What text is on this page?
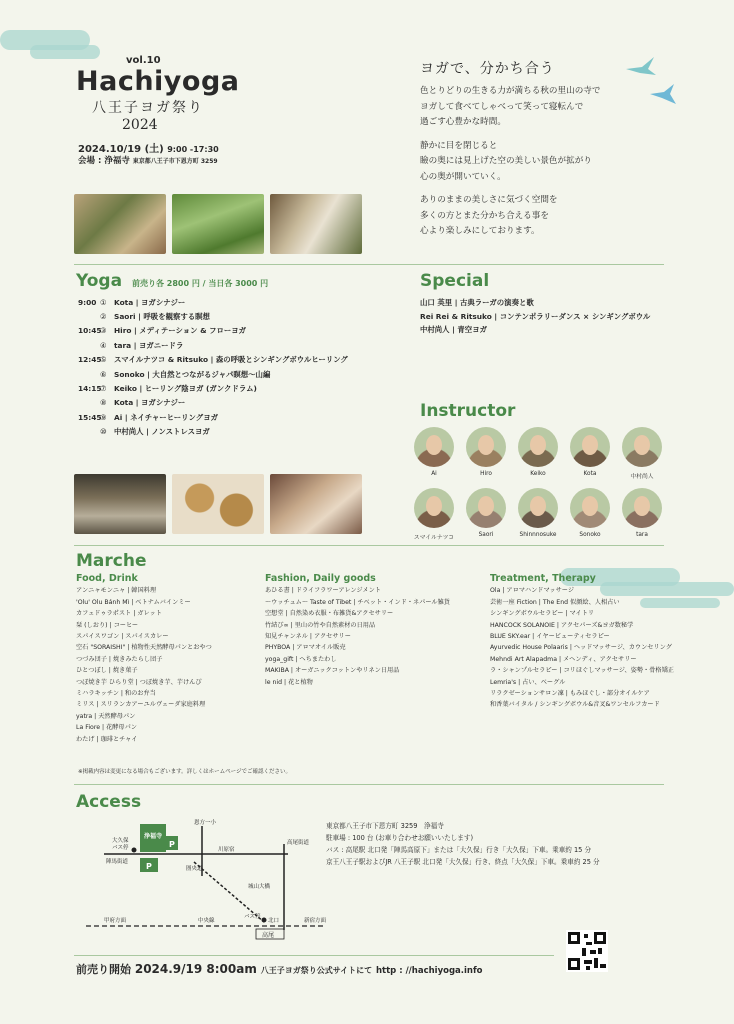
vol.10
Hachiyoga
八王子ヨガ祭り
2024
2024.10/19 (土) 9:00 -17:30
会場 : 浄福寺 東京都八王子市下恩方町 3259
ヨガで、分かち合う

色とりどりの生きる力が満ちる秋の里山の寺で
ヨガして食べてしゃべって笑って寝転んで
過ごす心豊かな時間。

静かに目を閉じると
瞼の奥には見上げた空の美しい景色が拡がり
心の奥が開いていく。

ありのままの美しさに気づく空間を
多くの方とまた分かち合える事を
心より楽しみにしております。

Yoga 前売り各 2800 円 / 当日各 3000 円
9:00 ① Kota | ヨガシナジー
② Saori | 呼吸を観察する瞑想
10:45
③ Hiro | メディテーション & フローヨガ
④ tara | ヨガニードラ
12:45
⑤ スマイルナツコ & Ritsuko | 森の呼吸とシンギングボウルヒーリング
⑥ Sonoko | 大自然とつながるジャパ瞑想〜山編
14:15
⑦ Keiko | ヒーリング陰ヨガ (ガンクドラム)
⑧ Kota | ヨガシナジー
15:45
⑨ Ai | ネイチャーヒーリングヨガ
⑩ 中村尚人 | ノンストレスヨガ
Special
山口 英里 | 古典ラーガの演奏と歌
Rei Rei & Ritsuko | コンテンポラリーダンス × シンギングボウル
中村尚人 | 青空ヨガ
Instructor
Ai	Hiro	Keiko	Kota	中村尚人
スマイルナツコ	Saori	Shinnnosuke	Sonoko	tara
Marche
Food, Drink
アンニャモンニャ | 韓国料理
'Olu' Olu Bánh Mì | ベトナムバインミー
カフェドゥラポスト | ガレット
栞 (しおり) | コーヒー
スパイスワゴン | スパイスカレー
空石 "SORAISHI" | 植物性天然酵母パンとおやつ
つづみ団子 | 焼きみたらし団子
ひとつぼし | 焼き菓子
つぼ焼き芋 ひらり堂 | つぼ焼き芋、芋けんぴ
ミハラキッチン | 和のお弁当
ミリス | スリランカアーユルヴェーダ家庭料理
yatra | 天然酵母パン
La Fiore | 花酵母パン
わたげ | 珈琲とチャイ
Fashion, Daily goods
あひる書 | ドライフラワーアレンジメント
〜ウッチュム〜 Taste of Tibet | チベット・インド・ネパール雑貨
空想堂 | 自然染め衣服・布雑貨&アクセサリー
竹結び∞ | 里山の竹や自然素材の日用品
知見チャンネル | アクセサリー
PHYBOA | アロマオイル販売
yoga_gift | へちまたわし
MAKIBA | オーガニックコットンやリネン日用品
le nid | 花と植物
Treatment, Therapy
Ola | アロマハンドマッサージ
芸術一座 Fiction | The End 似顔絵、人相占い
シンギングボウルセラピー | マイトリ
HANCOCK SOLANOIE | アクセパーズ&ヨガ数秘学
BLUE SKY.ear | イヤービューティセラピー
Ayurvedic House Polaaris | ヘッドマッサージ、カウンセリング
Mehndi Art Alapadma | メヘンディ、アクセサリー
ラ・シャンプルセラピー | コリほぐしマッサージ、姿勢・骨格矯正
Lemria's | 占い、ベーグル
リラクゼーションサロン凜 | もみほぐし・部分オイルケア
和香葉バイタル / シンギングボウル&音叉&ワンセルフカード
※掲載内容は変更になる場合もございます。詳しくはホームページでご確認ください。
Access
浄福寺
P
P
大久保
バス停
陣馬街道
恩方一小
川原宿
高尾街道
城山大橋
圏央道
バス停
北口
高尾
甲府方面	中央線	新宿方面
東京都八王子市下恩方町 3259　浄福寺
駐車場 : 100 台 (お車り合わせお願いいたします)
バス : 高尾駅 北口発「陣馬高原下」または「大久保」行き「大久保」下車。乗車約 15 分
京王八王子駅およびJR 八王子駅 北口発「大久保」行き、終点「大久保」下車。乗車約 25 分
前売り開始 2024.9/19 8:00am 八王子ヨガ祭り公式サイトにて http : //hachiyoga.info
